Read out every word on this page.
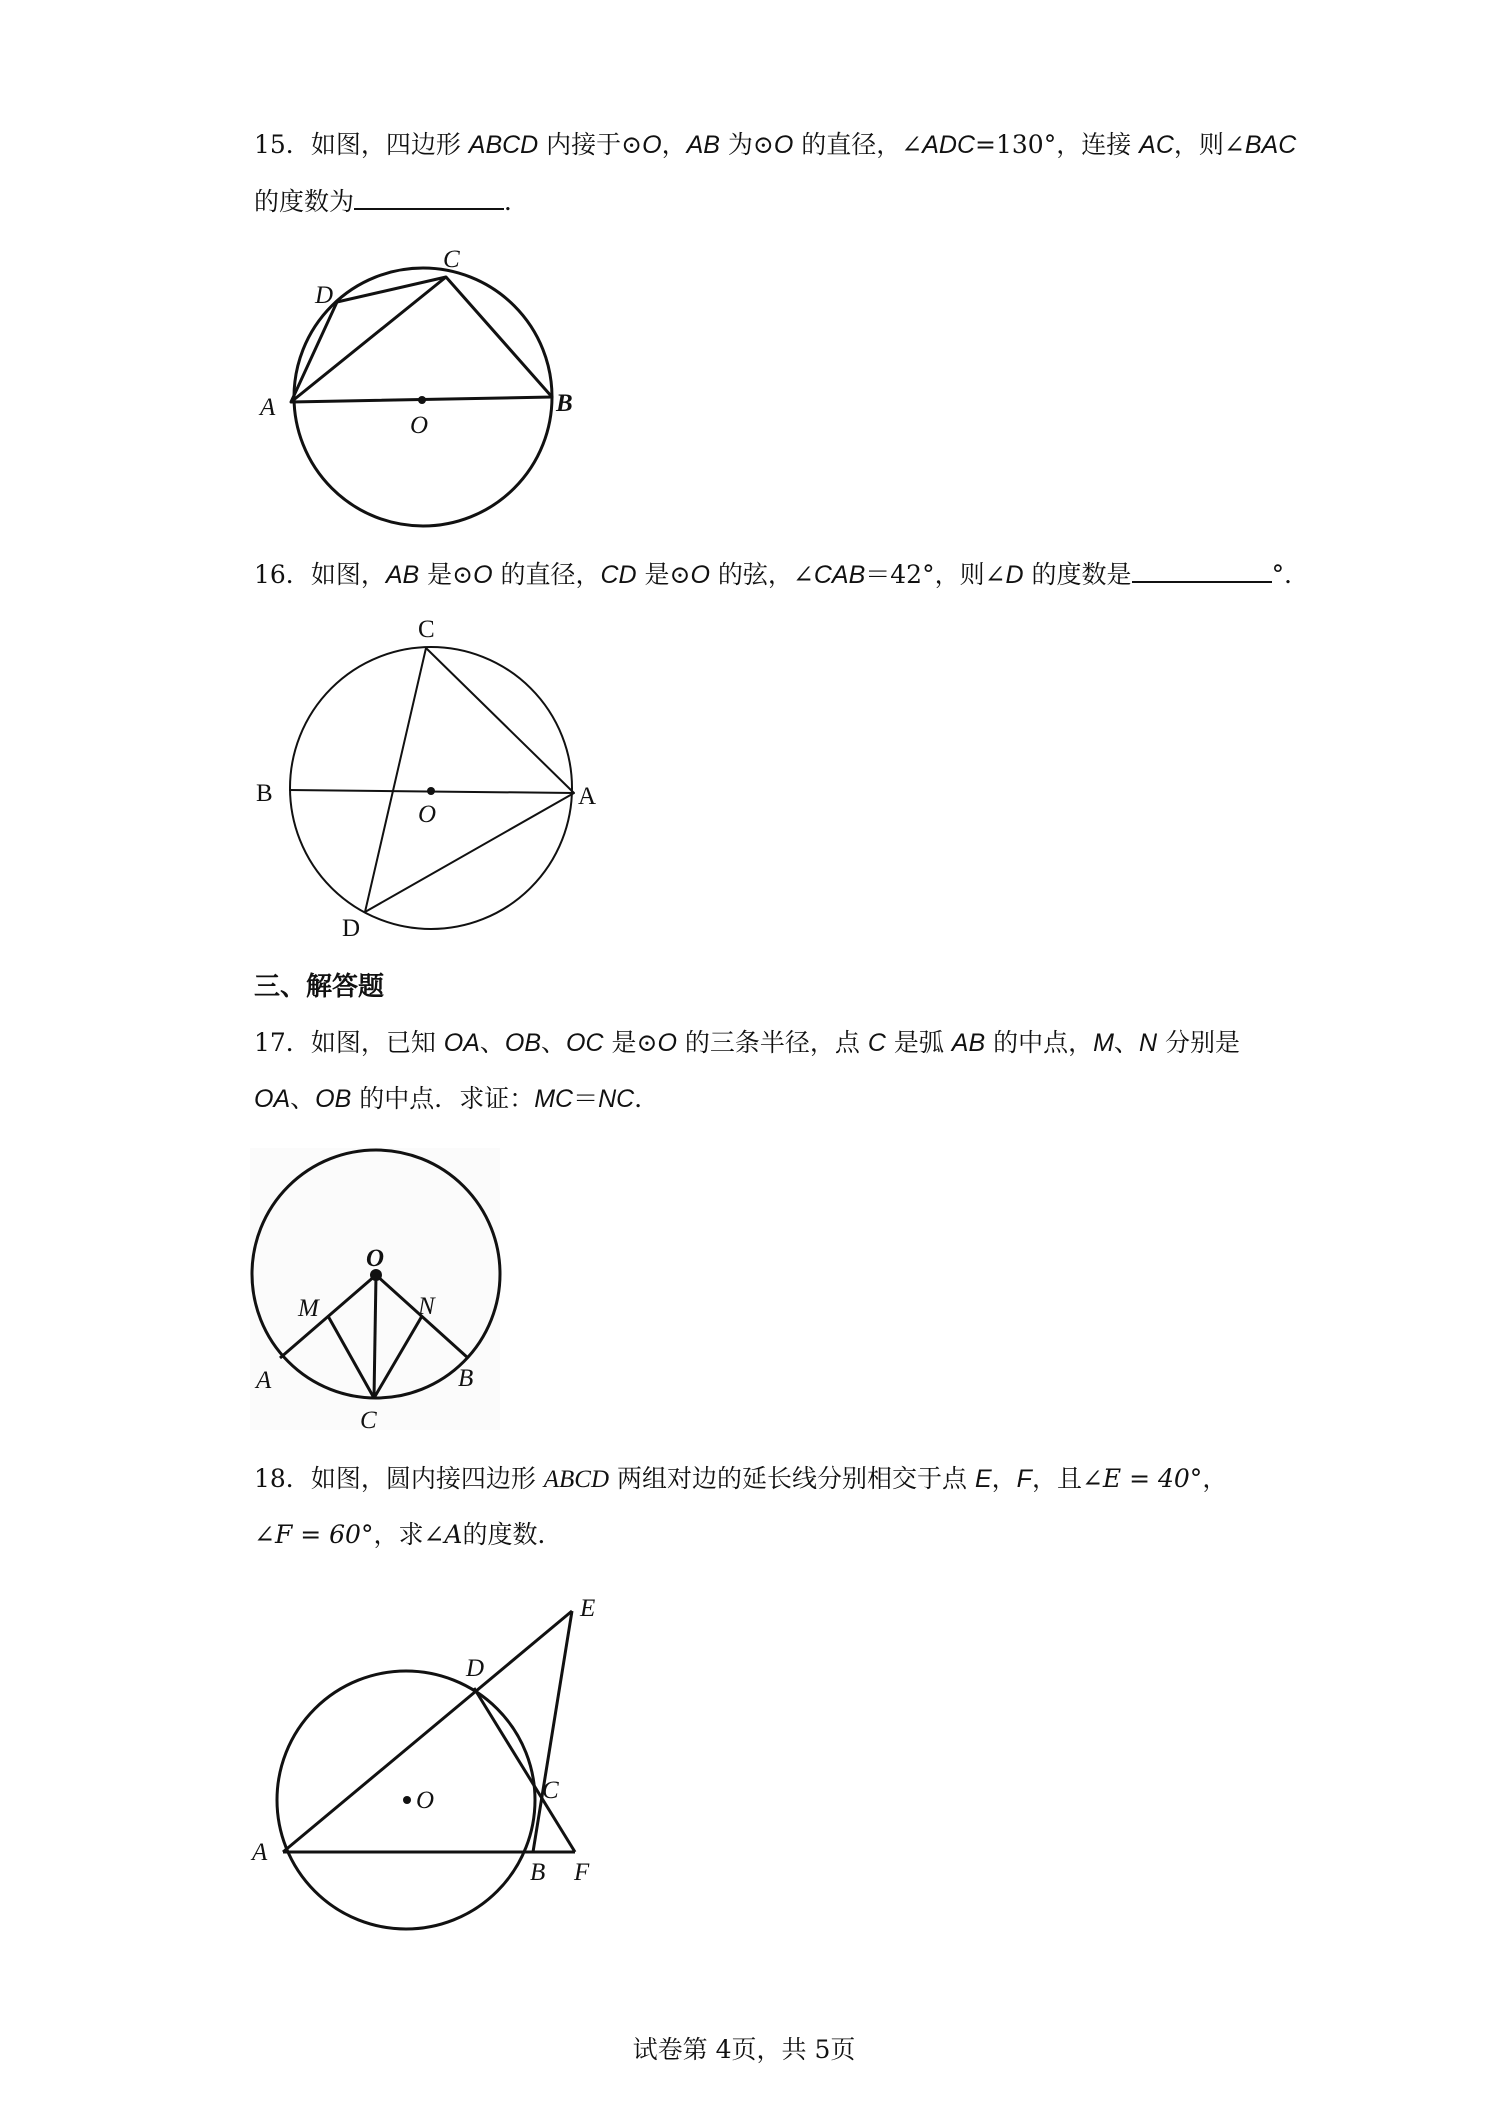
15．如图，四边形 ABCD 内接于⊙O，AB 为⊙O 的直径，∠ADC=130°，连接 AC，则∠BAC
的度数为	．
A	B
C
D
O
16．如图，AB 是⊙O 的直径，CD 是⊙O 的弦，∠CAB＝42°，则∠D 的度数是	°．
B	A
C
D
O
三、解答题
17．如图，已知 OA、OB、OC 是⊙O 的三条半径，点 C 是弧 AB 的中点，M、N 分别是
OA、OB 的中点．求证：MC＝NC．
O
M	N
A	B
C
18．如图，圆内接四边形 ABCD 两组对边的延长线分别相交于点 E，F，且∠E = 40°，
∠F = 60°，求∠A的度数．
O
A
B F
C
D
E
试卷第 4页，共 5页
